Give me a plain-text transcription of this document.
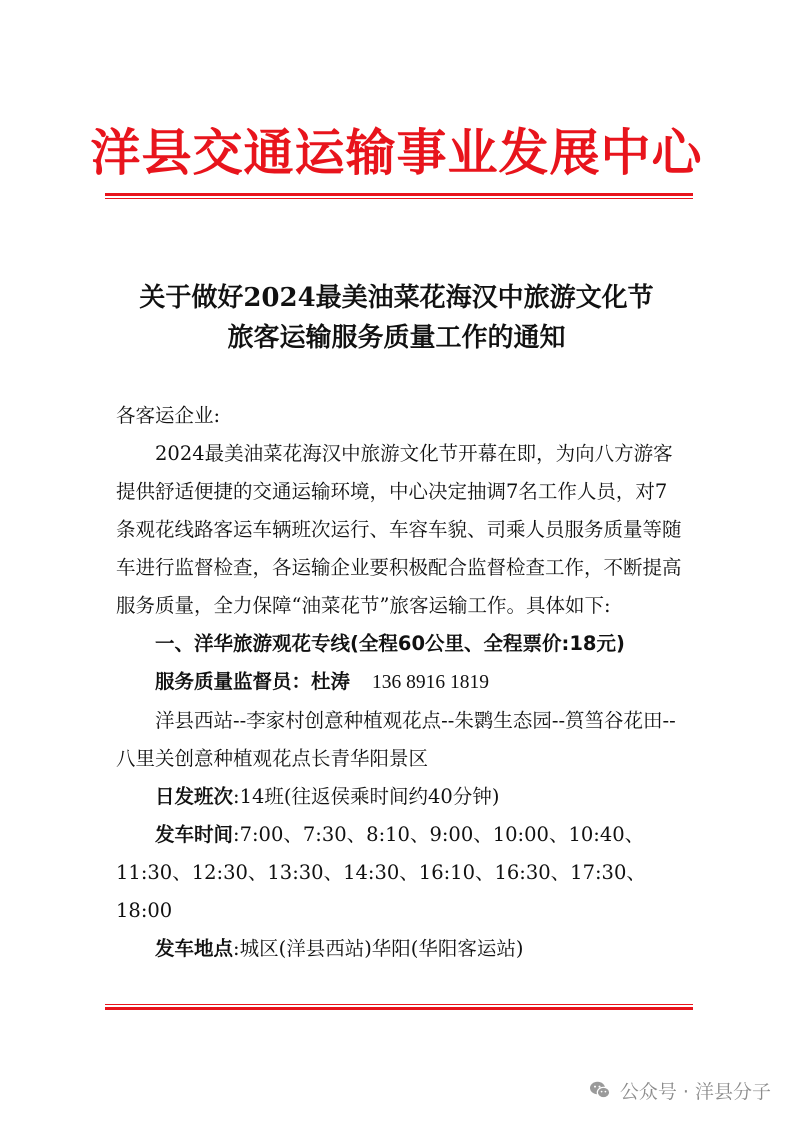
洋县交通运输事业发展中心
关于做好2024最美油菜花海汉中旅游文化节
旅客运输服务质量工作的通知

各客运企业:

2024最美油菜花海汉中旅游文化节开幕在即，为向八方游客提供舒适便捷的交通运输环境，中心决定抽调7名工作人员，对7条观花线路客运车辆班次运行、车容车貌、司乘人员服务质量等随车进行监督检查，各运输企业要积极配合监督检查工作，不断提高服务质量，全力保障“油菜花节”旅客运输工作。具体如下:

一、洋华旅游观花专线(全程60公里、全程票价:18元)

服务质量监督员：杜涛 136 8916 1819

洋县西站--李家村创意种植观花点--朱鹮生态园--筼筜谷花田--八里关创意种植观花点长青华阳景区

日发班次:14班(往返侯乘时间约40分钟)

发车时间:7:00、7:30、8:10、9:00、10:00、10:40、11:30、12:30、13:30、14:30、16:10、16:30、17:30、18:00

发车地点:城区(洋县西站)华阳(华阳客运站)

公众号 · 洋县分子
